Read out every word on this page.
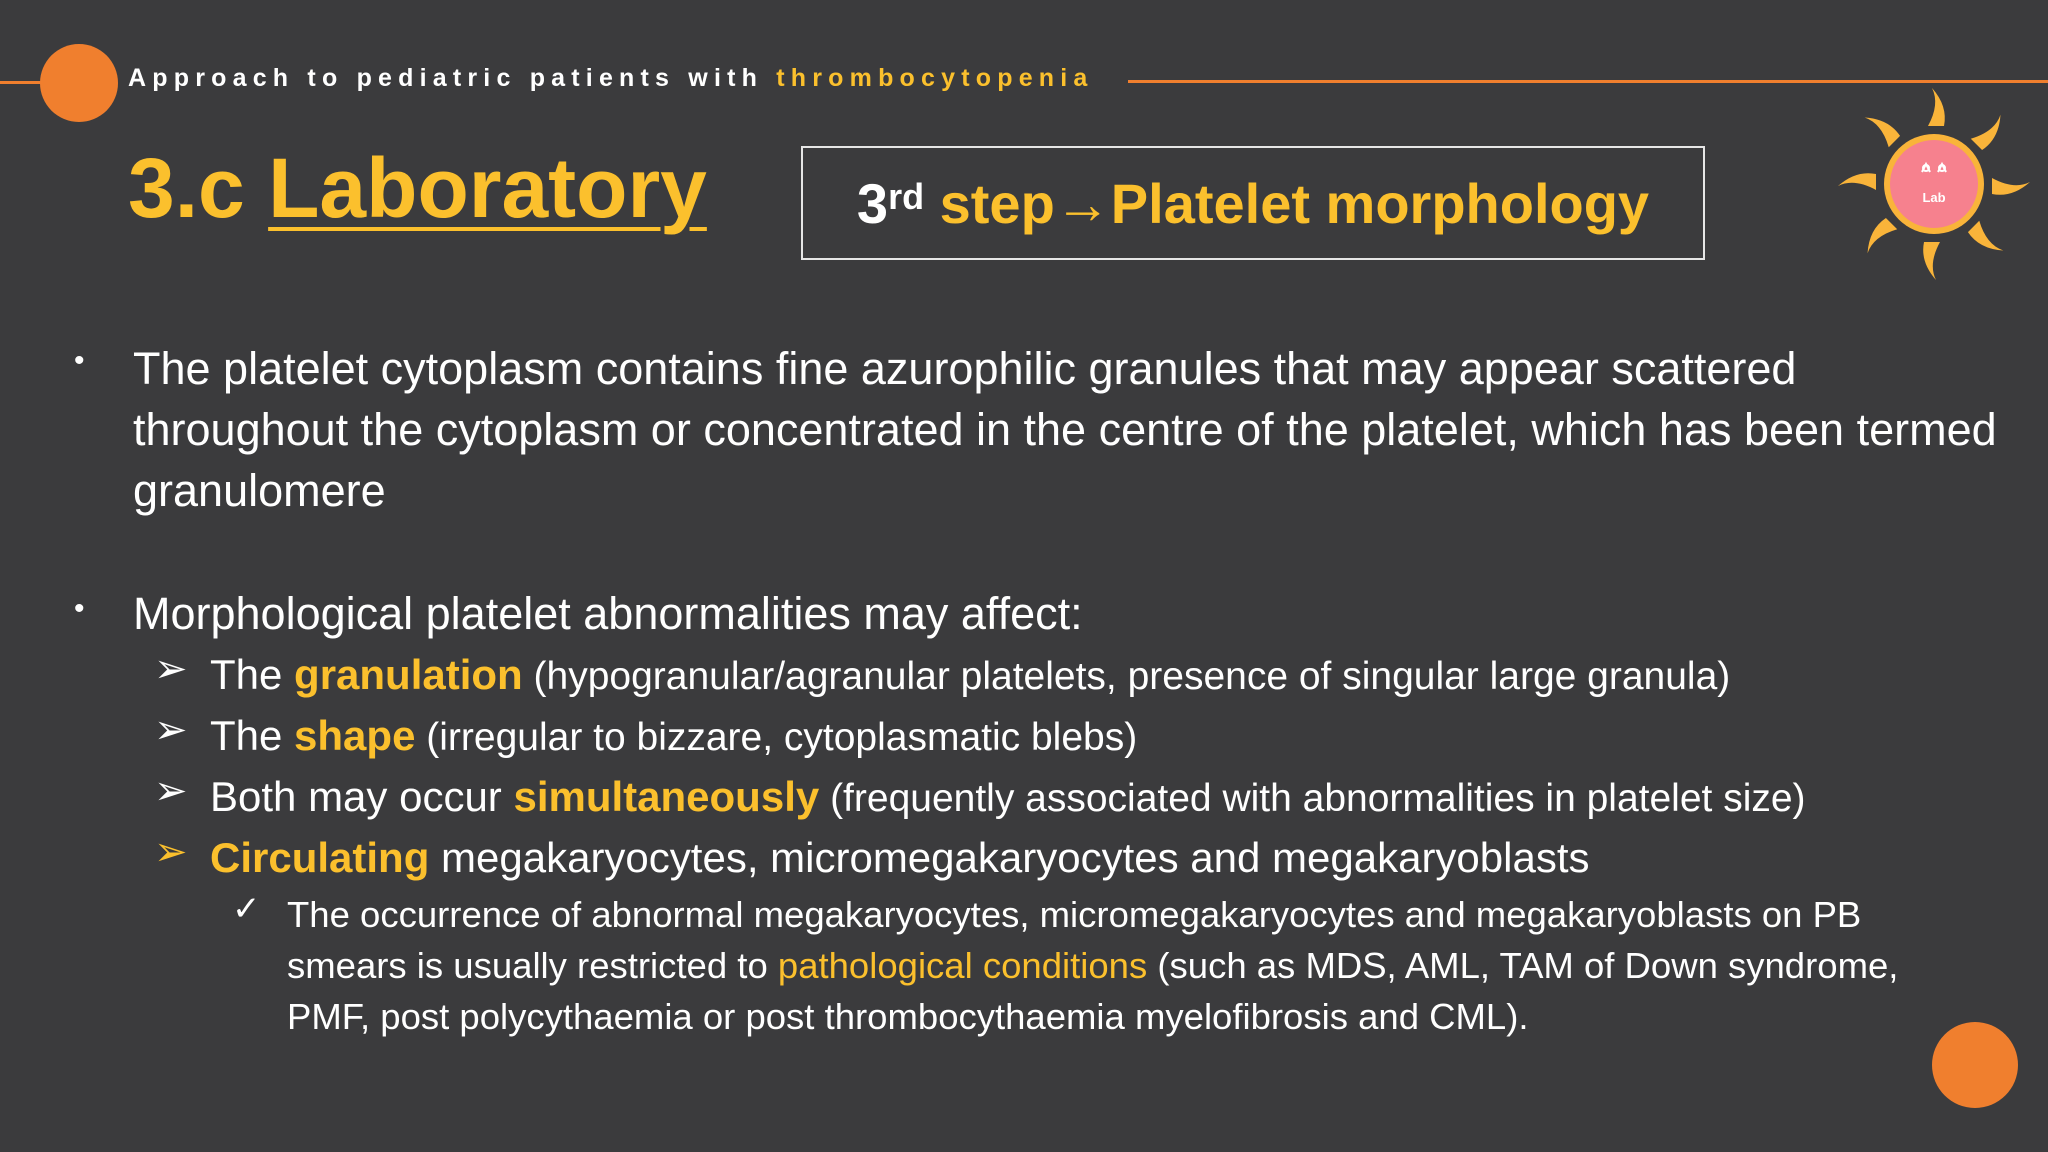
Approach to pediatric patients with thrombocytopenia
3.c Laboratory	3rd step → Platelet morphology	Lab
• The platelet cytoplasm contains fine azurophilic granules that may appear scattered throughout the cytoplasm or concentrated in the centre of the platelet, which has been termed granulomere
• Morphological platelet abnormalities may affect:
➢ The granulation (hypogranular/agranular platelets, presence of singular large granula)
➢ The shape (irregular to bizzare, cytoplasmatic blebs)
➢ Both may occur simultaneously (frequently associated with abnormalities in platelet size)
➢ Circulating megakaryocytes, micromegakaryocytes and megakaryoblasts
✓ The occurrence of abnormal megakaryocytes, micromegakaryocytes and megakaryoblasts on PB smears is usually restricted to pathological conditions (such as MDS, AML, TAM of Down syndrome, PMF, post polycythaemia or post thrombocythaemia myelofibrosis and CML).
